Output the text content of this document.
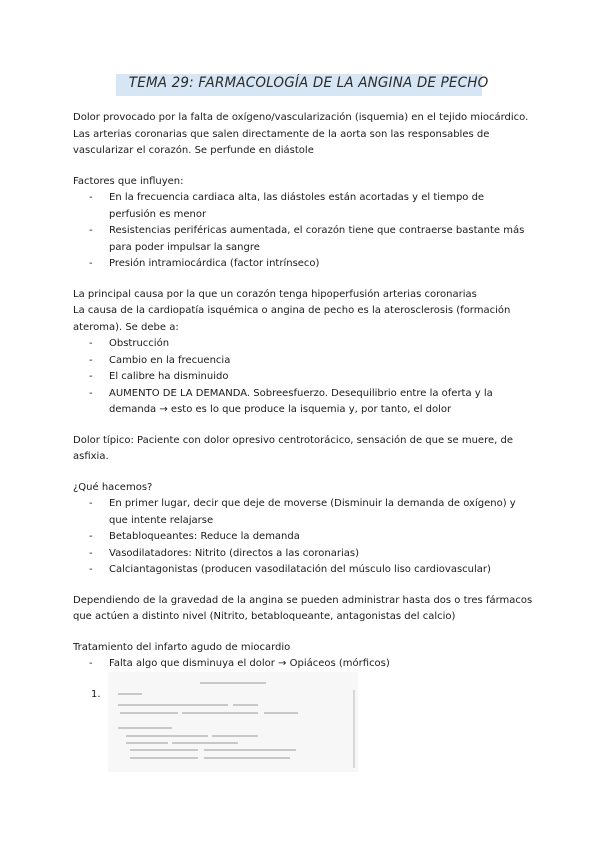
TEMA 29: FARMACOLOGÍA DE LA ANGINA DE PECHO

Dolor provocado por la falta de oxígeno/vascularización (isquemia) en el tejido miocárdico.

Las arterias coronarias que salen directamente de la aorta son las responsables de vascularizar el corazón. Se perfunde en diástole

Factores que influyen:

- En la frecuencia cardiaca alta, las diástoles están acortadas y el tiempo de perfusión es menor
- Resistencias periféricas aumentada, el corazón tiene que contraerse bastante más para poder impulsar la sangre
- Presión intramiocárdica (factor intrínseco)

La principal causa por la que un corazón tenga hipoperfusión arterias coronarias

La causa de la cardiopatía isquémica o angina de pecho es la aterosclerosis (formación ateroma). Se debe a:

- Obstrucción
- Cambio en la frecuencia
- El calibre ha disminuido
- AUMENTO DE LA DEMANDA. Sobreesfuerzo. Desequilibrio entre la oferta y la demanda → esto es lo que produce la isquemia y, por tanto, el dolor

Dolor típico: Paciente con dolor opresivo centrotorácico, sensación de que se muere, de asfixia.

¿Qué hacemos?

- En primer lugar, decir que deje de moverse (Disminuir la demanda de oxígeno) y que intente relajarse
- Betabloqueantes: Reduce la demanda
- Vasodilatadores: Nitrito (directos a las coronarias)
- Calciantagonistas (producen vasodilatación del músculo liso cardiovascular)

Dependiendo de la gravedad de la angina se pueden administrar hasta dos o tres fármacos que actúen a distinto nivel (Nitrito, betabloqueante, antagonistas del calcio)

Tratamiento del infarto agudo de miocardio

- Falta algo que disminuya el dolor → Opiáceos (mórficos)

1.
